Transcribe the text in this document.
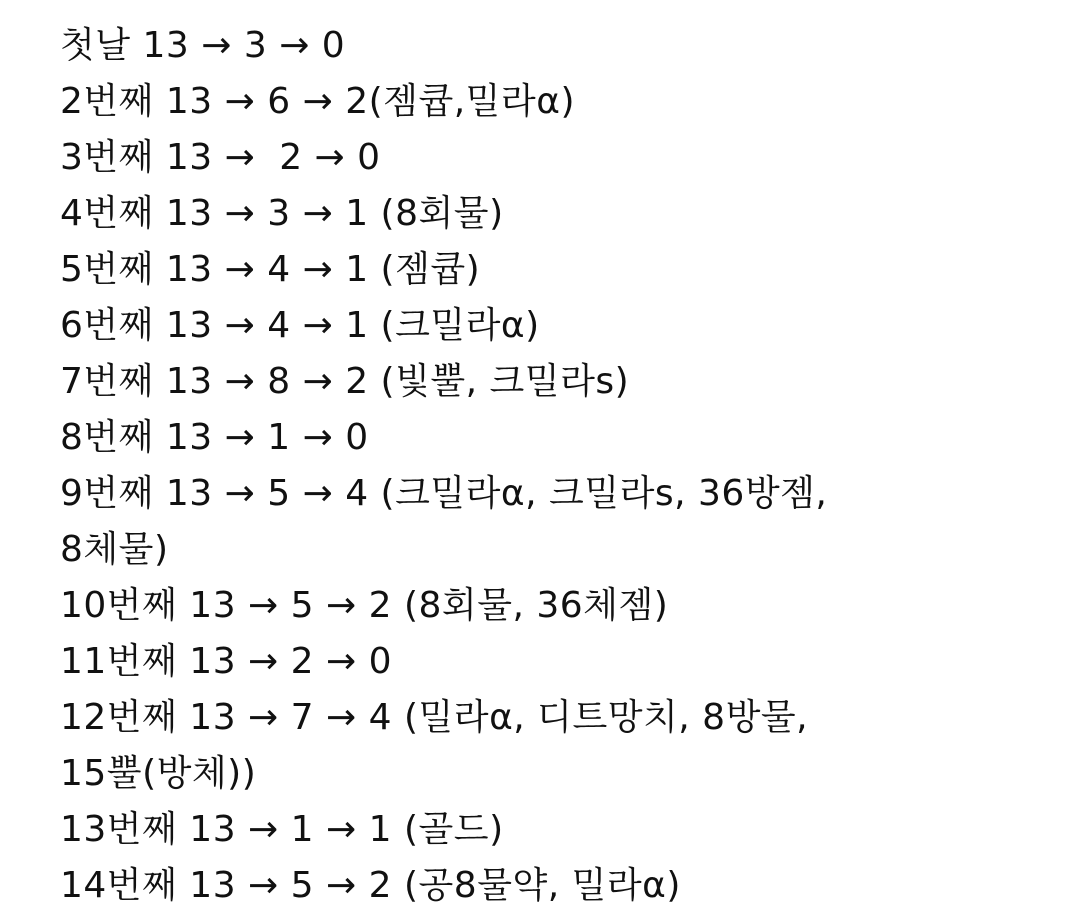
첫날 13 → 3 → 0
2번째 13 → 6 → 2(젬큡,밀라α)
3번째 13 →  2 → 0
4번째 13 → 3 → 1 (8회물)
5번째 13 → 4 → 1 (젬큡)
6번째 13 → 4 → 1 (크밀라α)
7번째 13 → 8 → 2 (빛뿔, 크밀라s)
8번째 13 → 1 → 0
9번째 13 → 5 → 4 (크밀라α, 크밀라s, 36방젬,
8체물)
10번째 13 → 5 → 2 (8회물, 36체젬)
11번째 13 → 2 → 0
12번째 13 → 7 → 4 (밀라α, 디트망치, 8방물,
15뿔(방체))
13번째 13 → 1 → 1 (골드)
14번째 13 → 5 → 2 (공8물약, 밀라α)
